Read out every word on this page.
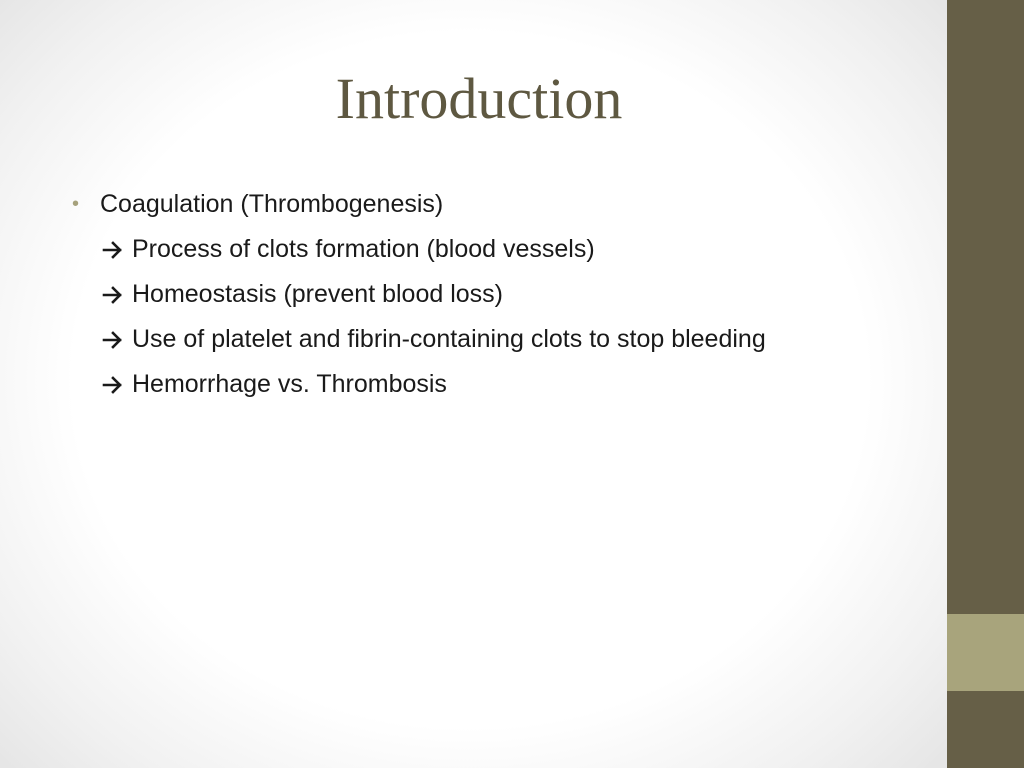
Introduction
• Coagulation (Thrombogenesis)
Process of clots formation (blood vessels)
Homeostasis (prevent blood loss)
Use of platelet and fibrin-containing clots to stop bleeding
Hemorrhage vs. Thrombosis
